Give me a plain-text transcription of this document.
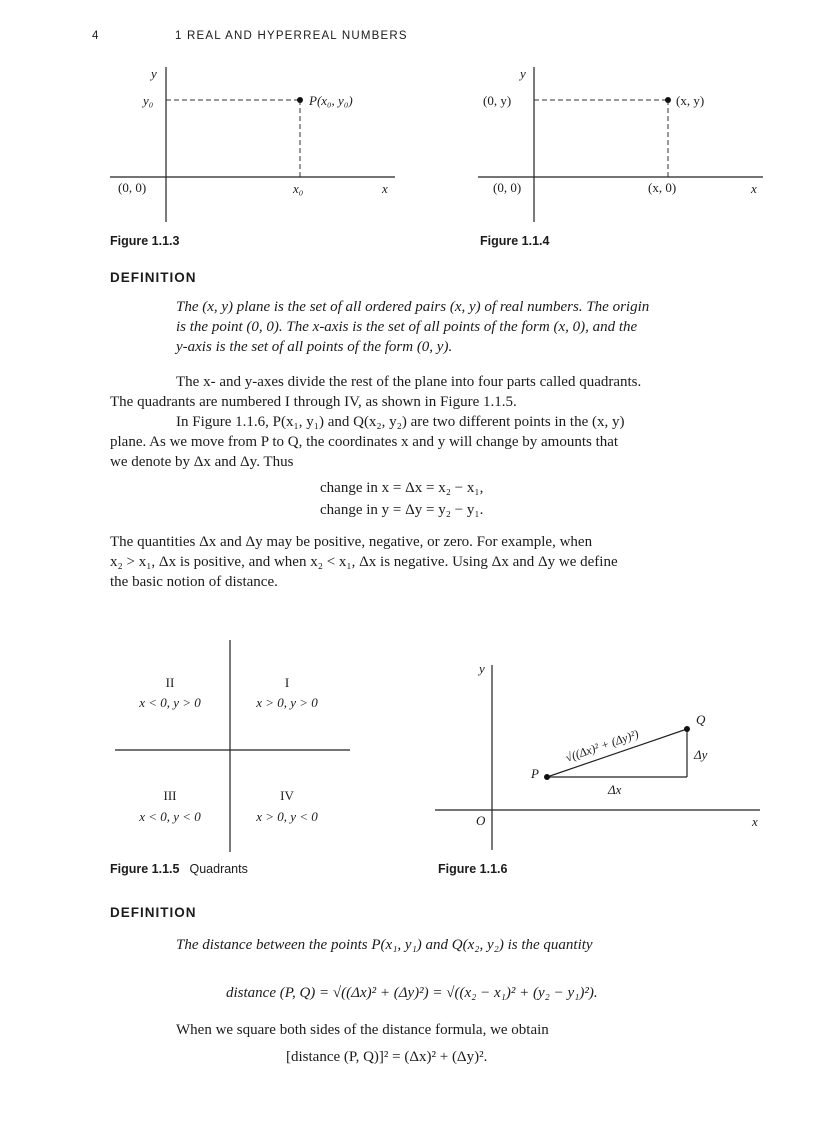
4	1 REAL AND HYPERREAL NUMBERS
y
y₀	P(x₀, y₀)
(0, 0)	x₀	x
Figure 1.1.3
y
(0, y)	(x, y)
(0, 0)	(x, 0)	x
Figure 1.1.4
DEFINITION
The (x, y) plane is the set of all ordered pairs (x, y) of real numbers. The origin
is the point (0, 0). The x-axis is the set of all points of the form (x, 0), and the
y-axis is the set of all points of the form (0, y).
The x- and y-axes divide the rest of the plane into four parts called quadrants.
The quadrants are numbered I through IV, as shown in Figure 1.1.5.
In Figure 1.1.6, P(x₁, y₁) and Q(x₂, y₂) are two different points in the (x, y)
plane. As we move from P to Q, the coordinates x and y will change by amounts that
we denote by Δx and Δy. Thus
change in x = Δx = x₂ − x₁,
change in y = Δy = y₂ − y₁.
The quantities Δx and Δy may be positive, negative, or zero. For example, when
x₂ > x₁, Δx is positive, and when x₂ < x₁, Δx is negative. Using Δx and Δy we define
the basic notion of distance.
II
x < 0, y > 0
I
x > 0, y > 0
III
x < 0, y < 0
IV
x > 0, y < 0
Figure 1.1.5 Quadrants
y
O	x
P
Q
Δx
Δy
√((Δx)² + (Δy)²)
Figure 1.1.6
DEFINITION
The distance between the points P(x₁, y₁) and Q(x₂, y₂) is the quantity
distance (P, Q) = √((Δx)² + (Δy)²) = √((x₂ − x₁)² + (y₂ − y₁)²).
When we square both sides of the distance formula, we obtain
[distance (P, Q)]² = (Δx)² + (Δy)².
